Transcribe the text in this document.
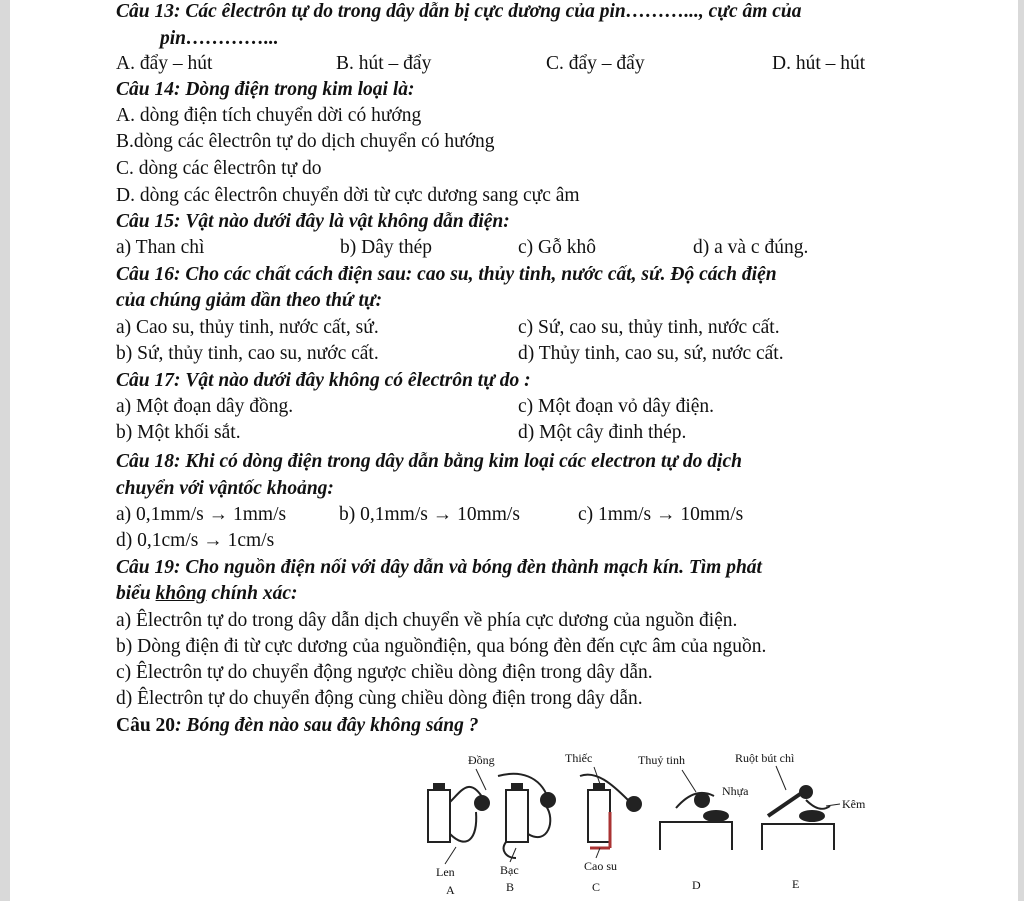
Câu 13: Các êlectrôn tự do trong dây dẫn bị cực dương của pin………..., cực âm của
pin…………...
A. đẩy – hút	B. hút – đẩy	C. đẩy – đẩy	D. hút – hút
Câu 14: Dòng điện trong kim loại là:
A. dòng điện tích chuyển dời có hướng
B.dòng các êlectrôn tự do dịch chuyển có hướng
C. dòng các êlectrôn tự do
D. dòng các êlectrôn chuyển dời từ cực dương sang cực âm
Câu 15: Vật nào dưới đây là vật không dẫn điện:
a) Than chì	b) Dây thép	c) Gỗ khô	d) a và c đúng.
Câu 16: Cho các chất cách điện sau: cao su, thủy tinh, nước cất, sứ. Độ cách điện
của chúng giảm dần theo thứ tự:
a) Cao su, thủy tinh, nước cất, sứ.	c) Sứ, cao su, thủy tinh, nước cất.
b) Sứ, thủy tinh, cao su, nước cất.	d) Thủy tinh, cao su, sứ, nước cất.
Câu 17: Vật nào dưới đây không có êlectrôn tự do :
a) Một đoạn dây đồng.	c) Một đoạn vỏ dây điện.
b) Một khối sắt.	d) Một cây đinh thép.
Câu 18: Khi có dòng điện trong dây dẫn bằng kim loại các electron tự do dịch
chuyển với vậntốc khoảng:
a) 0,1mm/s → 1mm/s	b) 0,1mm/s → 10mm/s	c) 1mm/s → 10mm/s
d) 0,1cm/s → 1cm/s
Câu 19: Cho nguồn điện nối với dây dẫn và bóng đèn thành mạch kín. Tìm phát
biểu không chính xác:
a) Êlectrôn tự do trong dây dẫn dịch chuyển về phía cực dương của nguồn điện.
b) Dòng điện đi từ cực dương của nguồnđiện, qua bóng đèn đến cực âm của nguồn.
c) Êlectrôn tự do chuyển động ngược chiều dòng điện trong dây dẫn.
d) Êlectrôn tự do chuyển động cùng chiều dòng điện trong dây dẫn.
Câu 20: Bóng đèn nào sau đây không sáng ?
Đồng	Thiếc	Thuỷ tinh	Ruột bút chì
Nhựa
Kêm
Len	Bạc	Cao su
A	B	C	D	E
